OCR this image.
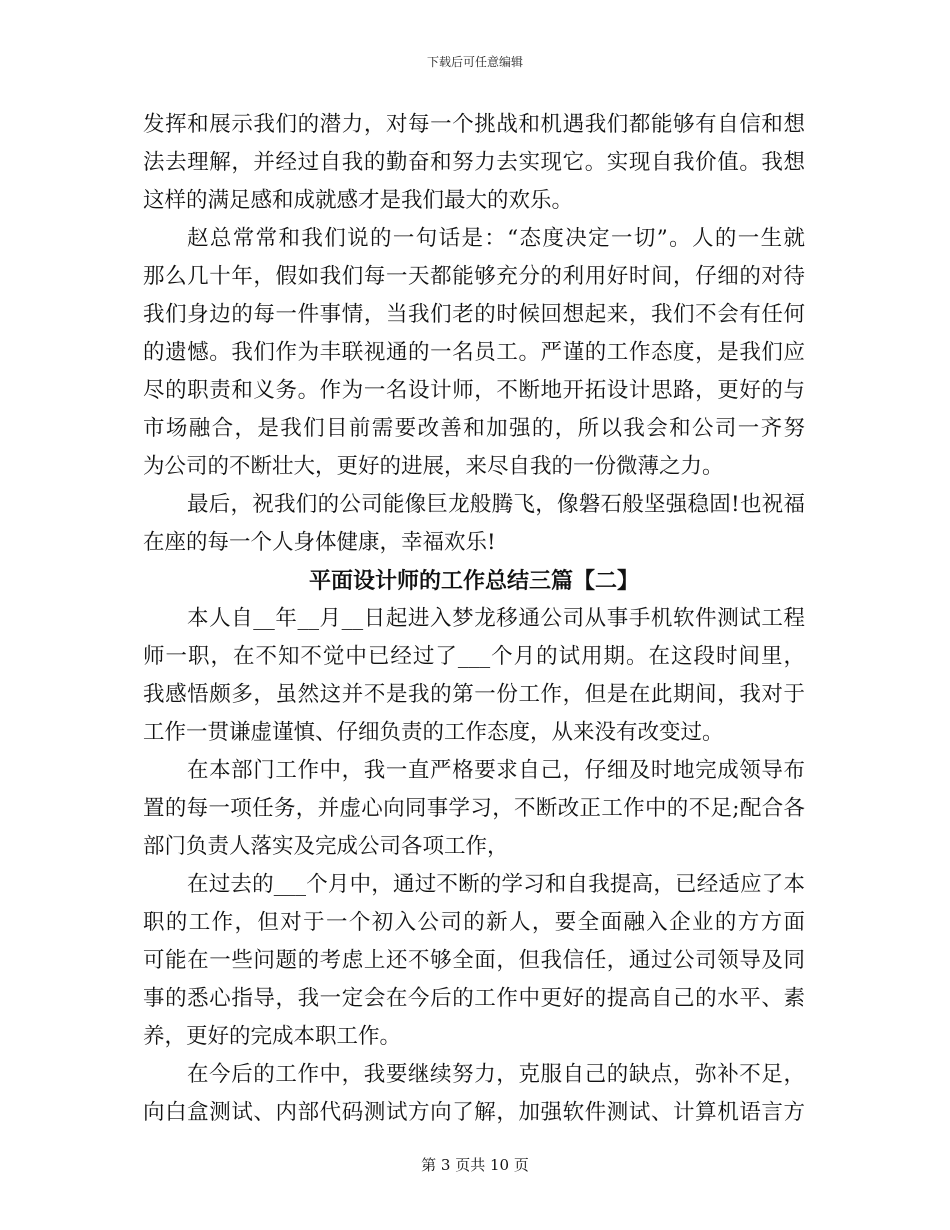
下载后可任意编辑
发挥和展示我们的潜力，对每一个挑战和机遇我们都能够有自信和想
法去理解，并经过自我的勤奋和努力去实现它。实现自我价值。我想
这样的满足感和成就感才是我们最大的欢乐。
赵总常常和我们说的一句话是：“态度决定一切”。人的一生就
那么几十年，假如我们每一天都能够充分的利用好时间，仔细的对待
我们身边的每一件事情，当我们老的时候回想起来，我们不会有任何
的遗憾。我们作为丰联视通的一名员工。严谨的工作态度，是我们应
尽的职责和义务。作为一名设计师，不断地开拓设计思路，更好的与
市场融合，是我们目前需要改善和加强的，所以我会和公司一齐努
为公司的不断壮大，更好的进展，来尽自我的一份微薄之力。
最后，祝我们的公司能像巨龙般腾飞，像磐石般坚强稳固!也祝福
在座的每一个人身体健康，幸福欢乐!
平面设计师的工作总结三篇【二】
本人自__年__月__日起进入梦龙移通公司从事手机软件测试工程
师一职，在不知不觉中已经过了___个月的试用期。在这段时间里，
我感悟颇多，虽然这并不是我的第一份工作，但是在此期间，我对于
工作一贯谦虚谨慎、仔细负责的工作态度，从来没有改变过。
在本部门工作中，我一直严格要求自己，仔细及时地完成领导布
置的每一项任务，并虚心向同事学习，不断改正工作中的不足;配合各
部门负责人落实及完成公司各项工作，
在过去的___个月中，通过不断的学习和自我提高，已经适应了本
职的工作，但对于一个初入公司的新人，要全面融入企业的方方面
可能在一些问题的考虑上还不够全面，但我信任，通过公司领导及同
事的悉心指导，我一定会在今后的工作中更好的提高自己的水平、素
养，更好的完成本职工作。
在今后的工作中，我要继续努力，克服自己的缺点，弥补不足，
向白盒测试、内部代码测试方向了解，加强软件测试、计算机语言方
第 3 页共 10 页
